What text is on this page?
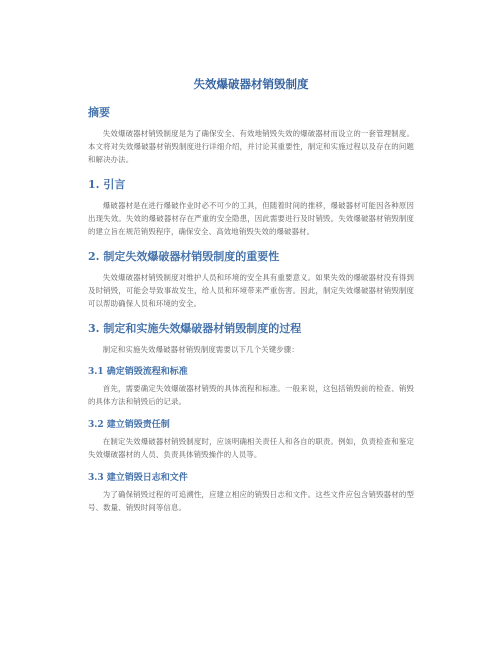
失效爆破器材销毁制度
摘要

失效爆破器材销毁制度是为了确保安全、有效地销毁失效的爆破器材而设立的一套管理制度。本文将对失效爆破器材销毁制度进行详细介绍，并讨论其重要性，制定和实施过程以及存在的问题和解决办法。

1. 引言

爆破器材是在进行爆破作业时必不可少的工具，但随着时间的推移，爆破器材可能因各种原因出现失效。失效的爆破器材存在严重的安全隐患，因此需要进行及时销毁。失效爆破器材销毁制度的建立旨在规范销毁程序，确保安全、高效地销毁失效的爆破器材。

2. 制定失效爆破器材销毁制度的重要性

失效爆破器材销毁制度对维护人员和环境的安全具有重要意义。如果失效的爆破器材没有得到及时销毁，可能会导致事故发生，给人员和环境带来严重伤害。因此，制定失效爆破器材销毁制度可以帮助确保人员和环境的安全。

3. 制定和实施失效爆破器材销毁制度的过程

制定和实施失效爆破器材销毁制度需要以下几个关键步骤：

3.1 确定销毁流程和标准

首先，需要确定失效爆破器材销毁的具体流程和标准。一般来说，这包括销毁前的检查、销毁的具体方法和销毁后的记录。

3.2 建立销毁责任制

在制定失效爆破器材销毁制度时，应该明确相关责任人和各自的职责。例如，负责检查和鉴定失效爆破器材的人员、负责具体销毁操作的人员等。

3.3 建立销毁日志和文件

为了确保销毁过程的可追溯性，应建立相应的销毁日志和文件。这些文件应包含销毁器材的型号、数量、销毁时间等信息。
